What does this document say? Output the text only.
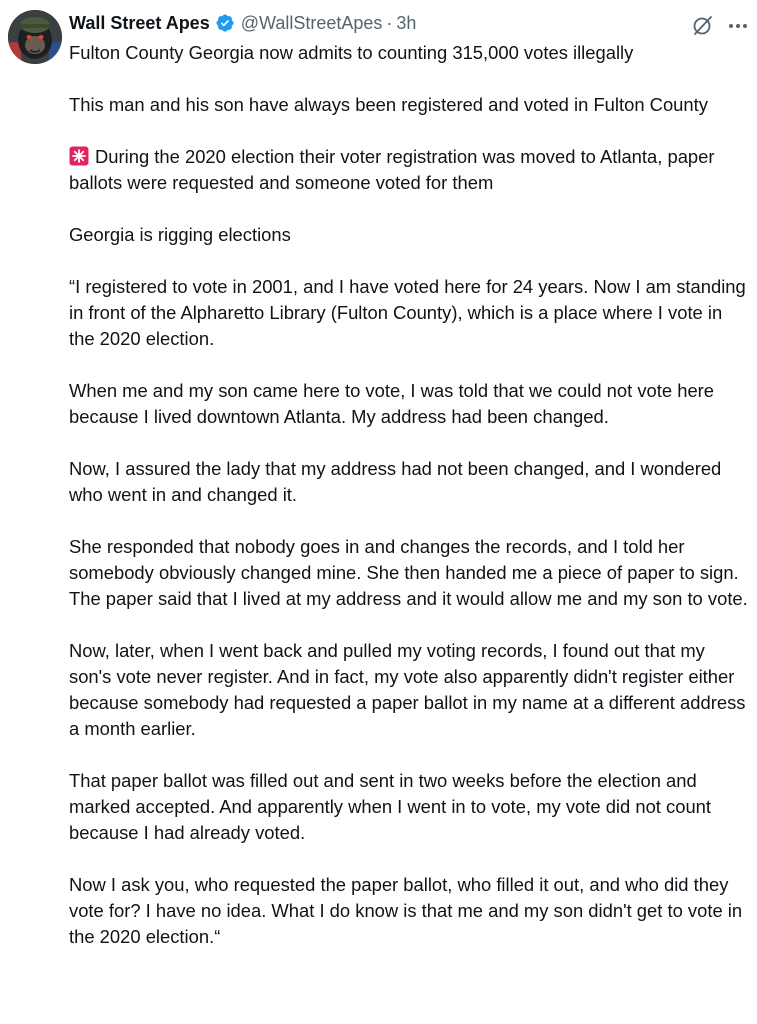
Wall Street Apes @WallStreetApes · 3h

Fulton County Georgia now admits to counting 315,000 votes illegally

This man and his son have always been registered and voted in Fulton County

During the 2020 election their voter registration was moved to Atlanta, paper ballots were requested and someone voted for them

Georgia is rigging elections

“I registered to vote in 2001, and I have voted here for 24 years. Now I am standing in front of the Alpharetto Library (Fulton County), which is a place where I vote in the 2020 election.

When me and my son came here to vote, I was told that we could not vote here because I lived downtown Atlanta. My address had been changed.

Now, I assured the lady that my address had not been changed, and I wondered who went in and changed it.

She responded that nobody goes in and changes the records, and I told her somebody obviously changed mine. She then handed me a piece of paper to sign. The paper said that I lived at my address and it would allow me and my son to vote.

Now, later, when I went back and pulled my voting records, I found out that my son's vote never register. And in fact, my vote also apparently didn't register either because somebody had requested a paper ballot in my name at a different address a month earlier.

That paper ballot was filled out and sent in two weeks before the election and marked accepted. And apparently when I went in to vote, my vote did not count because I had already voted.

Now I ask you, who requested the paper ballot, who filled it out, and who did they vote for? I have no idea. What I do know is that me and my son didn't get to vote in the 2020 election.“
